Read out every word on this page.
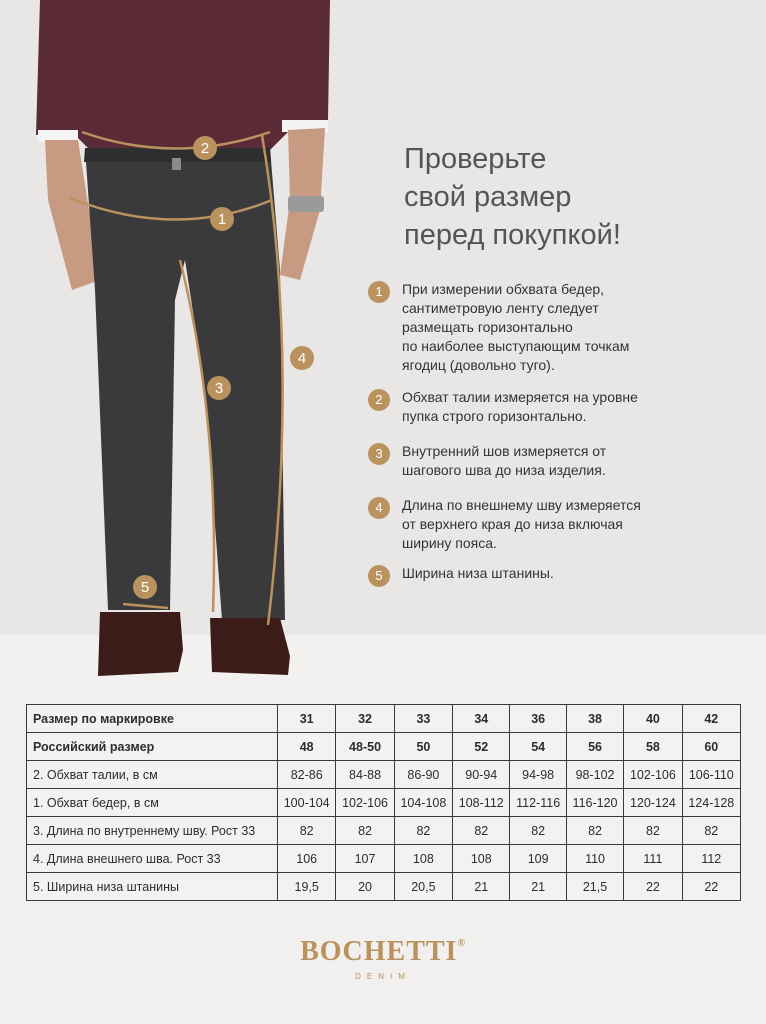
2
1
3
4
5
Проверьте
свой размер
перед покупкой!
1	При измерении обхвата бедер,
сантиметровую ленту следует
размещать горизонтально
по наиболее выступающим точкам
ягодиц (довольно туго).
2	Обхват талии измеряется на уровне
пупка строго горизонтально.
3	Внутренний шов измеряется от
шагового шва до низа изделия.
4	Длина по внешнему шву измеряется
от верхнего края до низа включая
ширину пояса.
5	Ширина низа штанины.
Размер по маркировке	31	32	33	34	36	38	40	42
Российский размер	48	48-50	50	52	54	56	58	60
2. Обхват талии, в см	82-86	84-88	86-90	90-94	94-98	98-102	102-106	106-110
1. Обхват бедер, в см	100-104	102-106	104-108	108-112	112-116	116-120	120-124	124-128
3. Длина по внутреннему шву. Рост 33	82	82	82	82	82	82	82	82
4. Длина внешнего шва. Рост 33	106	107	108	108	109	110	111	112
5. Ширина низа штанины	19,5	20	20,5	21	21	21,5	22	22
BOCHETTI®
DENIM
